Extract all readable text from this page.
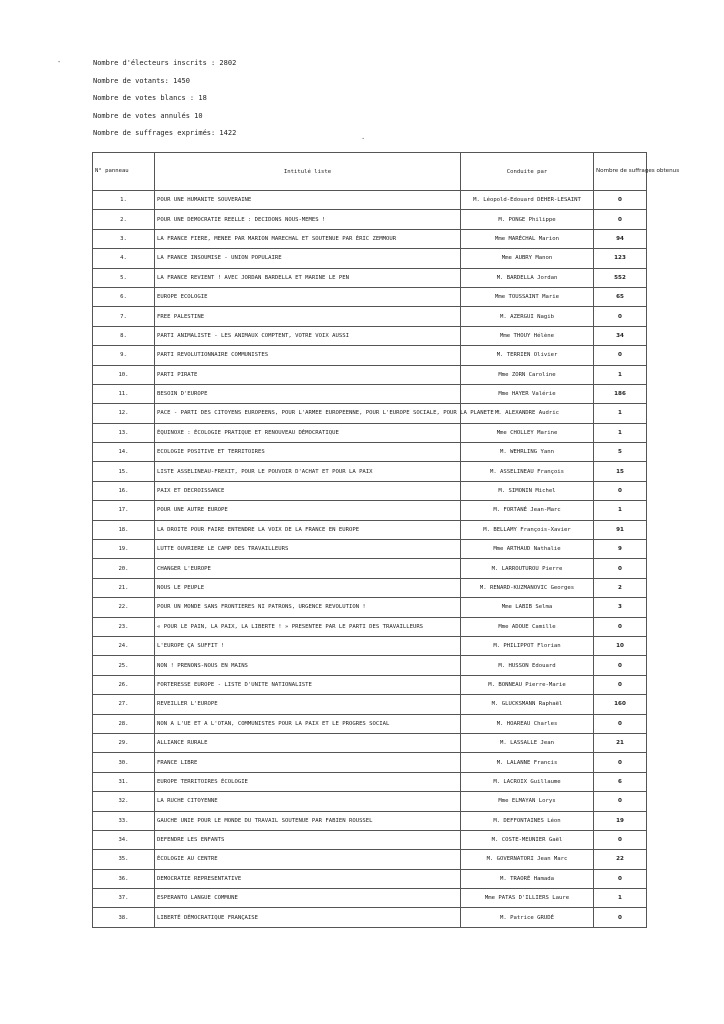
-
·
Nombre d'électeurs inscrits : 2802
Nombre de votants: 1450
Nombre de votes blancs : 18
Nombre de votes annulés 10
Nombre de suffrages exprimés: 1422
N° panneau	Intitulé liste	Conduite par	Nombre de suffrages obtenus
1.	POUR UNE HUMANITE SOUVERAINE	M. Léopold-Edouard DEHER-LESAINT	0
2.	POUR UNE DEMOCRATIE REELLE : DECIDONS NOUS-MEMES !	M. PONGE Philippe	0
3.	LA FRANCE FIERE, MENEE PAR MARION MARECHAL ET SOUTENUE PAR ÉRIC ZEMMOUR	Mme MARÉCHAL Marion	94
4.	LA FRANCE INSOUMISE - UNION POPULAIRE	Mme AUBRY Manon	123
5.	LA FRANCE REVIENT ! AVEC JORDAN BARDELLA ET MARINE LE PEN	M. BARDELLA Jordan	552
6.	EUROPE ECOLOGIE	Mme TOUSSAINT Marie	65
7.	FREE PALESTINE	M. AZERGUI Nagib	0
8.	PARTI ANIMALISTE - LES ANIMAUX COMPTENT, VOTRE VOIX AUSSI	Mme THOUY Hélène	34
9.	PARTI REVOLUTIONNAIRE COMMUNISTES	M. TERRIEN Olivier	0
10.	PARTI PIRATE	Mme ZORN Caroline	1
11.	BESOIN D'EUROPE	Mme HAYER Valérie	186
12.	PACE - PARTI DES CITOYENS EUROPEENS, POUR L'ARMEE EUROPEENNE, POUR L'EUROPE SOCIALE, POUR LA PLANETE !	M. ALEXANDRE Audric	1
13.	ÉQUINOXE : ÉCOLOGIE PRATIQUE ET RENOUVEAU DÉMOCRATIQUE	Mme CHOLLEY Marine	1
14.	ECOLOGIE POSITIVE ET TERRITOIRES	M. WEHRLING Yann	5
15.	LISTE ASSELINEAU-FREXIT, POUR LE POUVOIR D'ACHAT ET POUR LA PAIX	M. ASSELINEAU François	15
16.	PAIX ET DECROISSANCE	M. SIMONIN Michel	0
17.	POUR UNE AUTRE EUROPE	M. FORTANÉ Jean-Marc	1
18.	LA DROITE POUR FAIRE ENTENDRE LA VOIX DE LA FRANCE EN EUROPE	M. BELLAMY François-Xavier	91
19.	LUTTE OUVRIERE LE CAMP DES TRAVAILLEURS	Mme ARTHAUD Nathalie	9
20.	CHANGER L'EUROPE	M. LARROUTUROU Pierre	0
21.	NOUS LE PEUPLE	M. RENARD-KUZMANOVIC Georges	2
22.	POUR UN MONDE SANS FRONTIERES NI PATRONS, URGENCE REVOLUTION !	Mme LABIB Selma	3
23.	« POUR LE PAIN, LA PAIX, LA LIBERTE ! » PRESENTEE PAR LE PARTI DES TRAVAILLEURS	Mme ADOUE Camille	0
24.	L'EUROPE ÇA SUFFIT !	M. PHILIPPOT Florian	10
25.	NON ! PRENONS-NOUS EN MAINS	M. HUSSON Edouard	0
26.	FORTERESSE EUROPE - LISTE D'UNITE NATIONALISTE	M. BONNEAU Pierre-Marie	0
27.	REVEILLER L'EUROPE	M. GLUCKSMANN Raphaël	160
28.	NON A L'UE ET A L'OTAN, COMMUNISTES POUR LA PAIX ET LE PROGRES SOCIAL	M. HOAREAU Charles	0
29.	ALLIANCE RURALE	M. LASSALLE Jean	21
30.	FRANCE LIBRE	M. LALANNE Francis	0
31.	EUROPE TERRITOIRES ÉCOLOGIE	M. LACROIX Guillaume	6
32.	LA RUCHE CITOYENNE	Mme ELMAYAN Lorys	0
33.	GAUCHE UNIE POUR LE MONDE DU TRAVAIL SOUTENUE PAR FABIEN ROUSSEL	M. DEFFONTAINES Léon	19
34.	DEFENDRE LES ENFANTS	M. COSTE-MEUNIER Gaël	0
35.	ÉCOLOGIE AU CENTRE	M. GOVERNATORI Jean Marc	22
36.	DEMOCRATIE REPRESENTATIVE	M. TRAORÉ Hamada	0
37.	ESPERANTO LANGUE COMMUNE	Mme PATAS D'ILLIERS Laure	1
38.	LIBERTÉ DÉMOCRATIQUE FRANÇAISE	M. Patrice GRUDÉ	0
